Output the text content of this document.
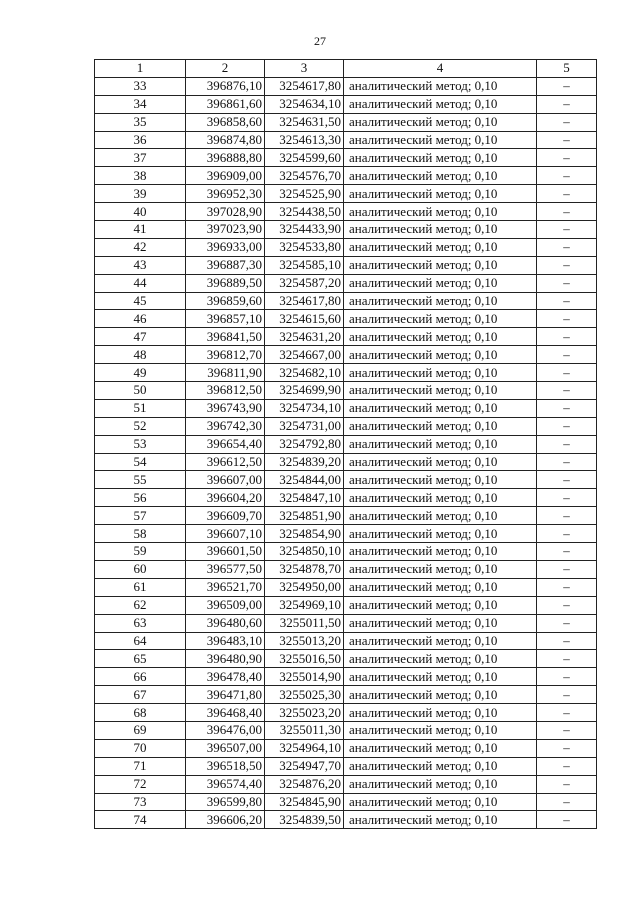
27
1	2	3	4	5
33	396876,10	3254617,80	аналитический метод; 0,10	–
34	396861,60	3254634,10	аналитический метод; 0,10	–
35	396858,60	3254631,50	аналитический метод; 0,10	–
36	396874,80	3254613,30	аналитический метод; 0,10	–
37	396888,80	3254599,60	аналитический метод; 0,10	–
38	396909,00	3254576,70	аналитический метод; 0,10	–
39	396952,30	3254525,90	аналитический метод; 0,10	–
40	397028,90	3254438,50	аналитический метод; 0,10	–
41	397023,90	3254433,90	аналитический метод; 0,10	–
42	396933,00	3254533,80	аналитический метод; 0,10	–
43	396887,30	3254585,10	аналитический метод; 0,10	–
44	396889,50	3254587,20	аналитический метод; 0,10	–
45	396859,60	3254617,80	аналитический метод; 0,10	–
46	396857,10	3254615,60	аналитический метод; 0,10	–
47	396841,50	3254631,20	аналитический метод; 0,10	–
48	396812,70	3254667,00	аналитический метод; 0,10	–
49	396811,90	3254682,10	аналитический метод; 0,10	–
50	396812,50	3254699,90	аналитический метод; 0,10	–
51	396743,90	3254734,10	аналитический метод; 0,10	–
52	396742,30	3254731,00	аналитический метод; 0,10	–
53	396654,40	3254792,80	аналитический метод; 0,10	–
54	396612,50	3254839,20	аналитический метод; 0,10	–
55	396607,00	3254844,00	аналитический метод; 0,10	–
56	396604,20	3254847,10	аналитический метод; 0,10	–
57	396609,70	3254851,90	аналитический метод; 0,10	–
58	396607,10	3254854,90	аналитический метод; 0,10	–
59	396601,50	3254850,10	аналитический метод; 0,10	–
60	396577,50	3254878,70	аналитический метод; 0,10	–
61	396521,70	3254950,00	аналитический метод; 0,10	–
62	396509,00	3254969,10	аналитический метод; 0,10	–
63	396480,60	3255011,50	аналитический метод; 0,10	–
64	396483,10	3255013,20	аналитический метод; 0,10	–
65	396480,90	3255016,50	аналитический метод; 0,10	–
66	396478,40	3255014,90	аналитический метод; 0,10	–
67	396471,80	3255025,30	аналитический метод; 0,10	–
68	396468,40	3255023,20	аналитический метод; 0,10	–
69	396476,00	3255011,30	аналитический метод; 0,10	–
70	396507,00	3254964,10	аналитический метод; 0,10	–
71	396518,50	3254947,70	аналитический метод; 0,10	–
72	396574,40	3254876,20	аналитический метод; 0,10	–
73	396599,80	3254845,90	аналитический метод; 0,10	–
74	396606,20	3254839,50	аналитический метод; 0,10	–
